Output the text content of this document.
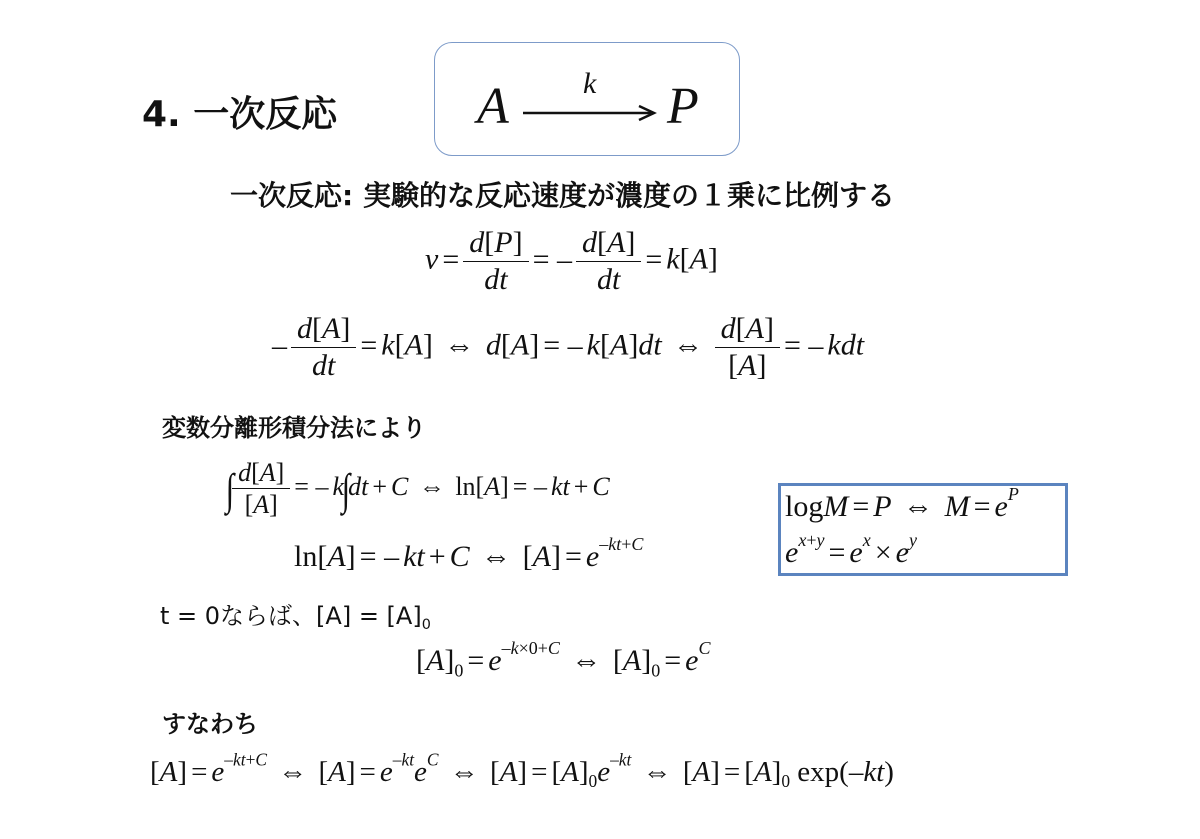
4. 一次反応	A k P
一次反応: 実験的な反応速度が濃度の１乗に比例する
$v = \frac{d[P]}{dt}$ = – $\frac{d[A]}{dt} = k[A]$
– $\frac{d[A]}{dt} = k[A]$ ⇔ d[A] = – k[A]dt ⇔ $\frac{d[A]}{[A]}$ = – kdt
変数分離形積分法により
∫
$\frac{d[A]}{[A]}$ = – k∫dt + C ⇔ ln[A] = – kt + C
ln[A] = – kt + C ⇔ $[A] = e^{-kt+C}$
logM = P ⇔ $M = e^P$
$e^{x+y} = e^x \times e^y$
t = 0ならば、$[A] = [A]_0$
$[A]_0 = e^{-k\times 0+C}$ ⇔ $[A]_0 = e^C$
すなわち
$[A] = e^{-kt+C}$ ⇔ $[A] = e^{-kt}e^C$ ⇔ $[A] = [A]_0e^{-kt}$ ⇔ $[A] = [A]_0$ exp(–kt)
